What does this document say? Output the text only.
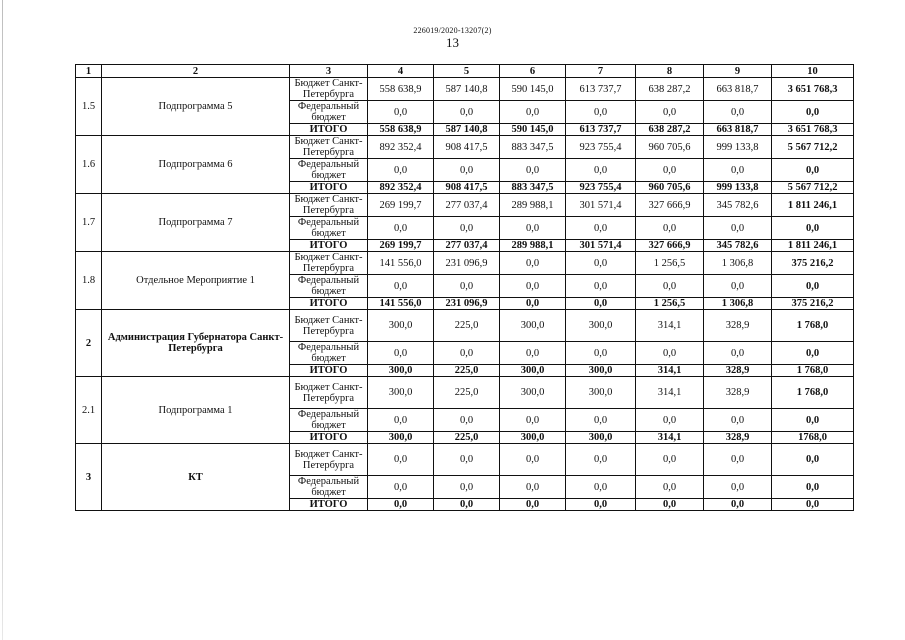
226019/2020-13207(2)
13
1	2	3	4	5	6	7	8	9	10
1.5	Подпрограмма 5	Бюджет Санкт-Петербурга	558 638,9	587 140,8	590 145,0	613 737,7	638 287,2	663 818,7	3 651 768,3
		Федеральный бюджет	0,0	0,0	0,0	0,0	0,0	0,0	0,0
		ИТОГО	558 638,9	587 140,8	590 145,0	613 737,7	638 287,2	663 818,7	3 651 768,3
1.6	Подпрограмма 6	Бюджет Санкт-Петербурга	892 352,4	908 417,5	883 347,5	923 755,4	960 705,6	999 133,8	5 567 712,2
		Федеральный бюджет	0,0	0,0	0,0	0,0	0,0	0,0	0,0
		ИТОГО	892 352,4	908 417,5	883 347,5	923 755,4	960 705,6	999 133,8	5 567 712,2
1.7	Подпрограмма 7	Бюджет Санкт-Петербурга	269 199,7	277 037,4	289 988,1	301 571,4	327 666,9	345 782,6	1 811 246,1
		Федеральный бюджет	0,0	0,0	0,0	0,0	0,0	0,0	0,0
		ИТОГО	269 199,7	277 037,4	289 988,1	301 571,4	327 666,9	345 782,6	1 811 246,1
1.8	Отдельное Мероприятие 1	Бюджет Санкт-Петербурга	141 556,0	231 096,9	0,0	0,0	1 256,5	1 306,8	375 216,2
		Федеральный бюджет	0,0	0,0	0,0	0,0	0,0	0,0	0,0
		ИТОГО	141 556,0	231 096,9	0,0	0,0	1 256,5	1 306,8	375 216,2
2	Администрация Губернатора Санкт-Петербурга	Бюджет Санкт-Петербурга	300,0	225,0	300,0	300,0	314,1	328,9	1 768,0
		Федеральный бюджет	0,0	0,0	0,0	0,0	0,0	0,0	0,0
		ИТОГО	300,0	225,0	300,0	300,0	314,1	328,9	1 768,0
2.1	Подпрограмма 1	Бюджет Санкт-Петербурга	300,0	225,0	300,0	300,0	314,1	328,9	1 768,0
		Федеральный бюджет	0,0	0,0	0,0	0,0	0,0	0,0	0,0
		ИТОГО	300,0	225,0	300,0	300,0	314,1	328,9	1768,0
3	КТ	Бюджет Санкт-Петербурга	0,0	0,0	0,0	0,0	0,0	0,0	0,0
		Федеральный бюджет	0,0	0,0	0,0	0,0	0,0	0,0	0,0
		ИТОГО	0,0	0,0	0,0	0,0	0,0	0,0	0,0
